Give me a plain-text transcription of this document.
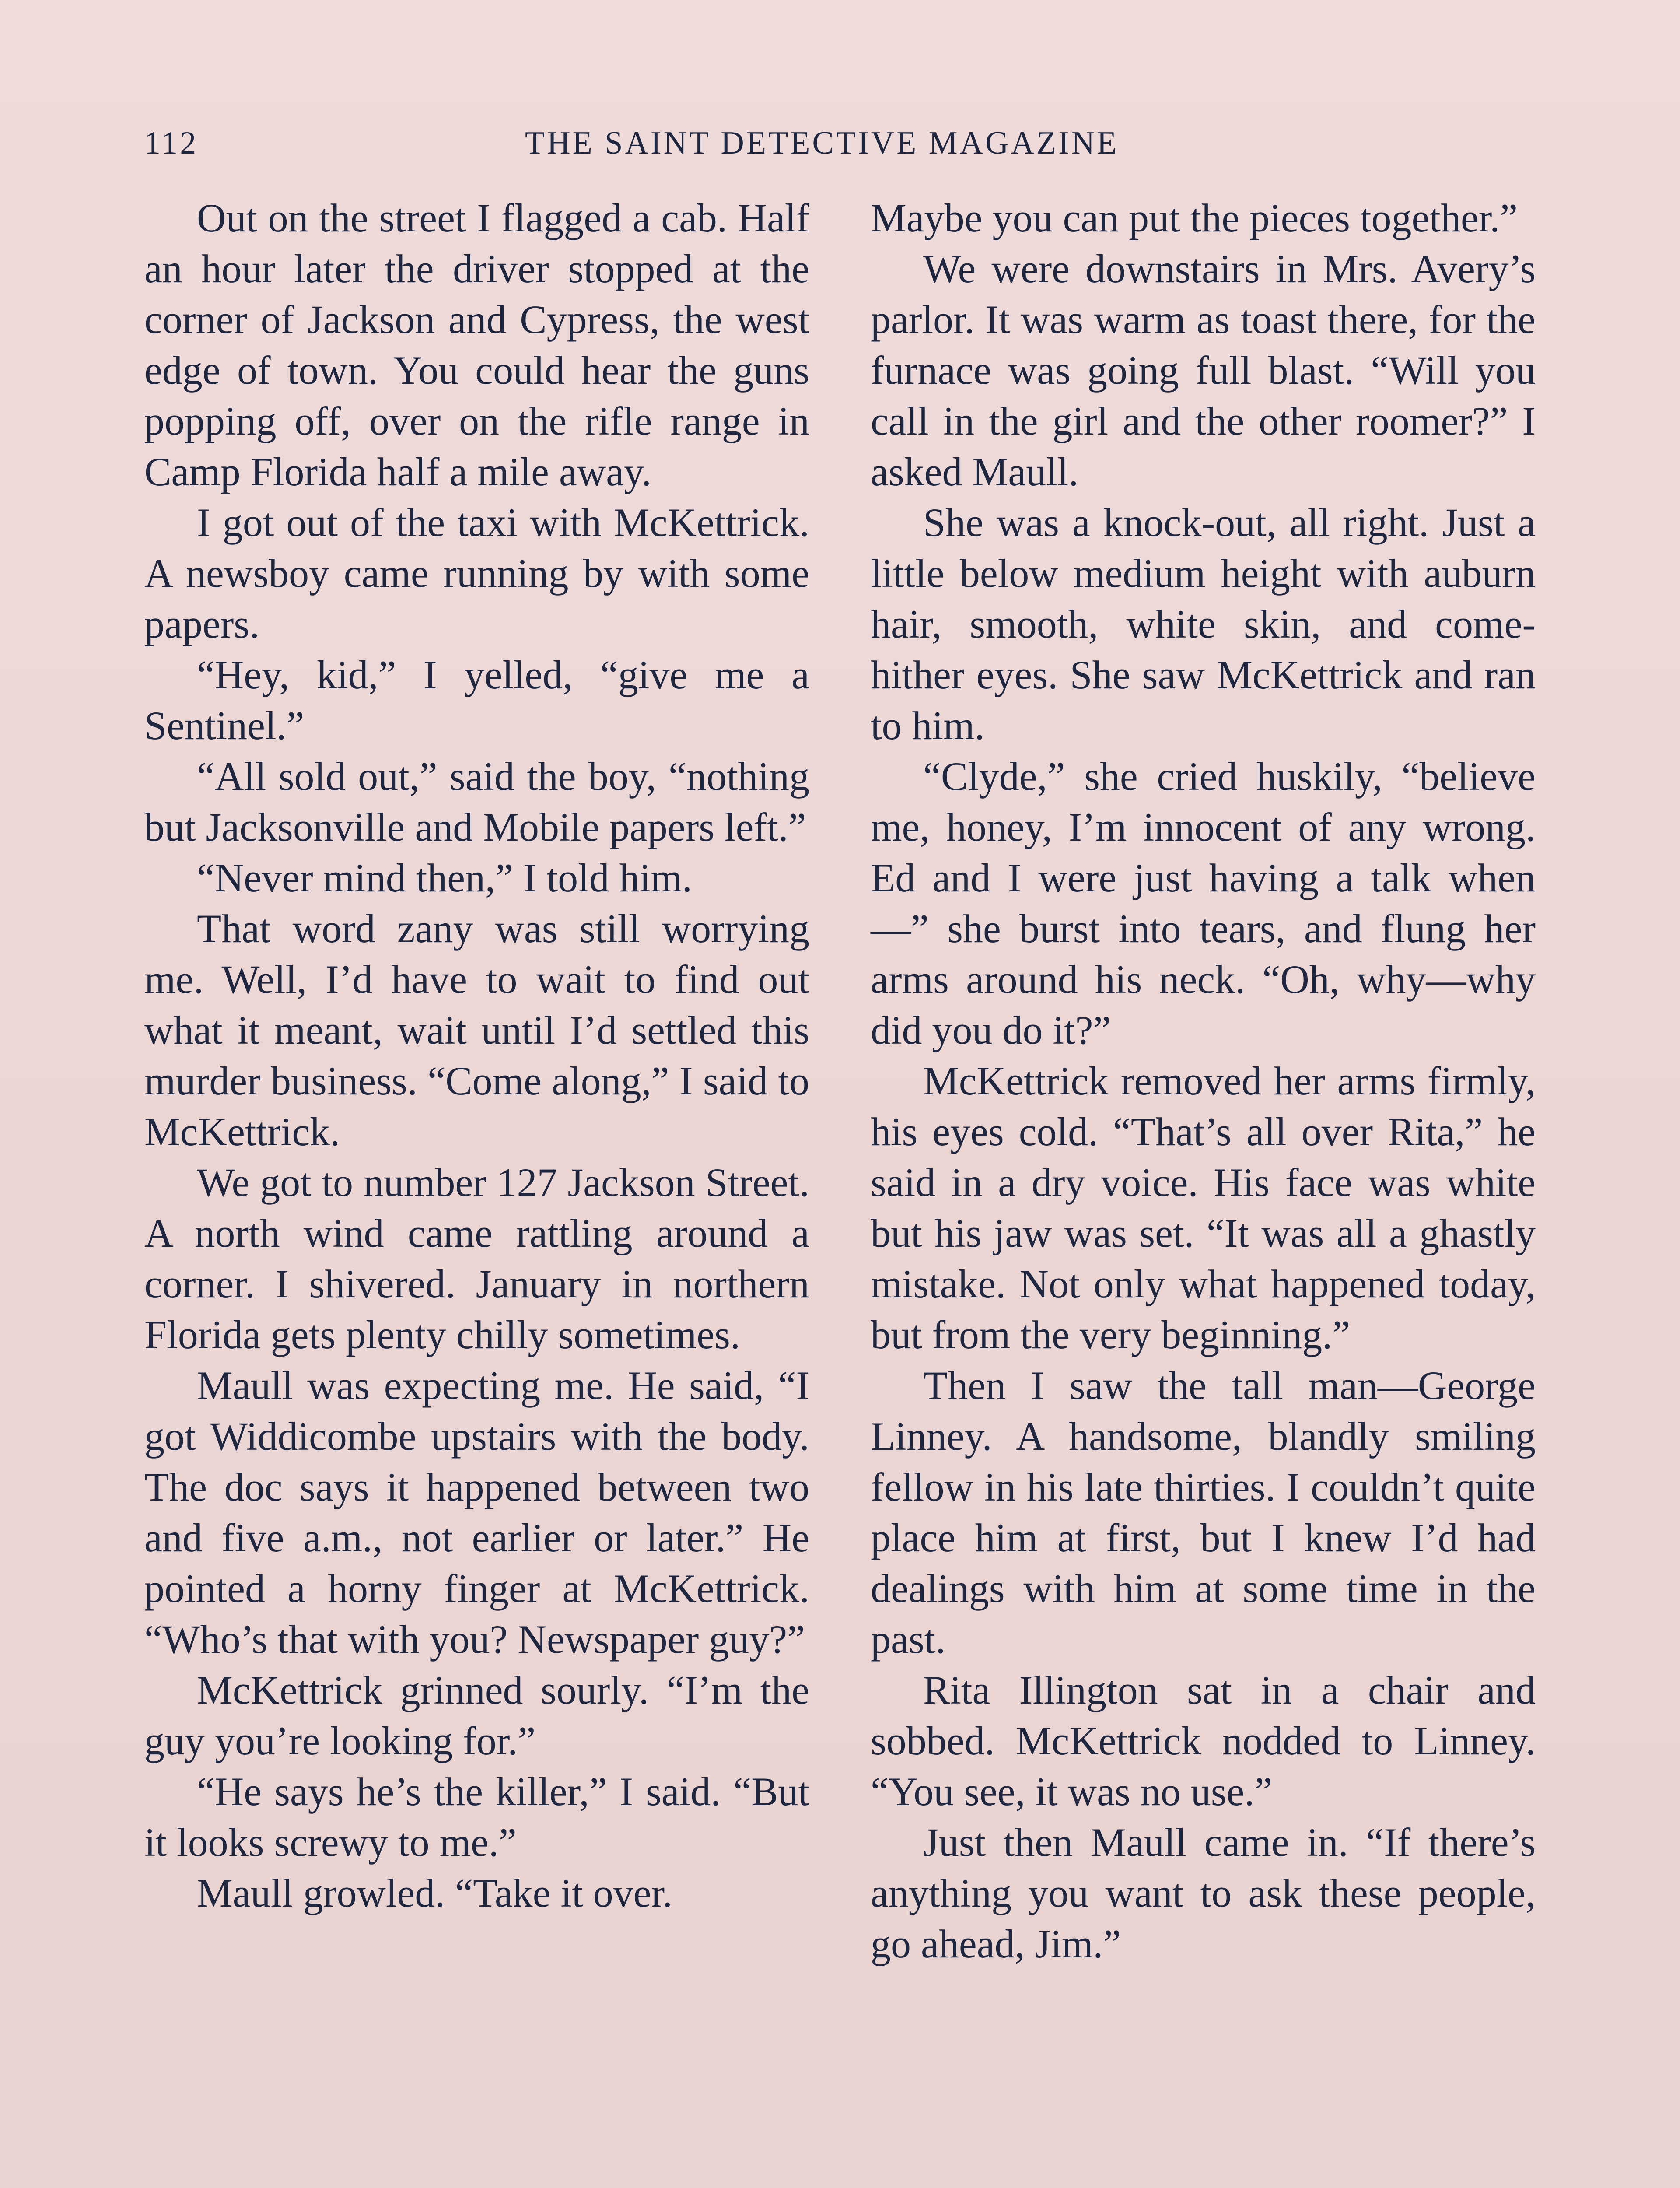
112	THE SAINT DETECTIVE MAGAZINE

Out on the street I flagged a cab. Half an hour later the driver stopped at the corner of Jackson and Cypress, the west edge of town. You could hear the guns popping off, over on the rifle range in Camp Florida half a mile away.

I got out of the taxi with McKettrick. A newsboy came running by with some papers.

“Hey, kid,” I yelled, “give me a Sentinel.”

“All sold out,” said the boy, “nothing but Jacksonville and Mobile papers left.”

“Never mind then,” I told him.

That word zany was still worrying me. Well, I’d have to wait to find out what it meant, wait until I’d settled this murder business. “Come along,” I said to McKettrick.

We got to number 127 Jackson Street. A north wind came rattling around a corner. I shivered. January in northern Florida gets plenty chilly sometimes.

Maull was expecting me. He said, “I got Widdicombe upstairs with the body. The doc says it happened between two and five a.m., not earlier or later.” He pointed a horny finger at McKettrick. “Who’s that with you? Newspaper guy?”

McKettrick grinned sourly. “I’m the guy you’re looking for.”

“He says he’s the killer,” I said. “But it looks screwy to me.”

Maull growled. “Take it over.

Maybe you can put the pieces together.”

We were downstairs in Mrs. Avery’s parlor. It was warm as toast there, for the furnace was going full blast. “Will you call in the girl and the other roomer?” I asked Maull.

She was a knock-out, all right. Just a little below medium height with auburn hair, smooth, white skin, and come-hither eyes. She saw McKettrick and ran to him.

“Clyde,” she cried huskily, “believe me, honey, I’m innocent of any wrong. Ed and I were just having a talk when—” she burst into tears, and flung her arms around his neck. “Oh, why—why did you do it?”

McKettrick removed her arms firmly, his eyes cold. “That’s all over Rita,” he said in a dry voice. His face was white but his jaw was set. “It was all a ghastly mistake. Not only what happened today, but from the very beginning.”

Then I saw the tall man—George Linney. A handsome, blandly smiling fellow in his late thirties. I couldn’t quite place him at first, but I knew I’d had dealings with him at some time in the past.

Rita Illington sat in a chair and sobbed. McKettrick nodded to Linney. “You see, it was no use.”

Just then Maull came in. “If there’s anything you want to ask these people, go ahead, Jim.”
